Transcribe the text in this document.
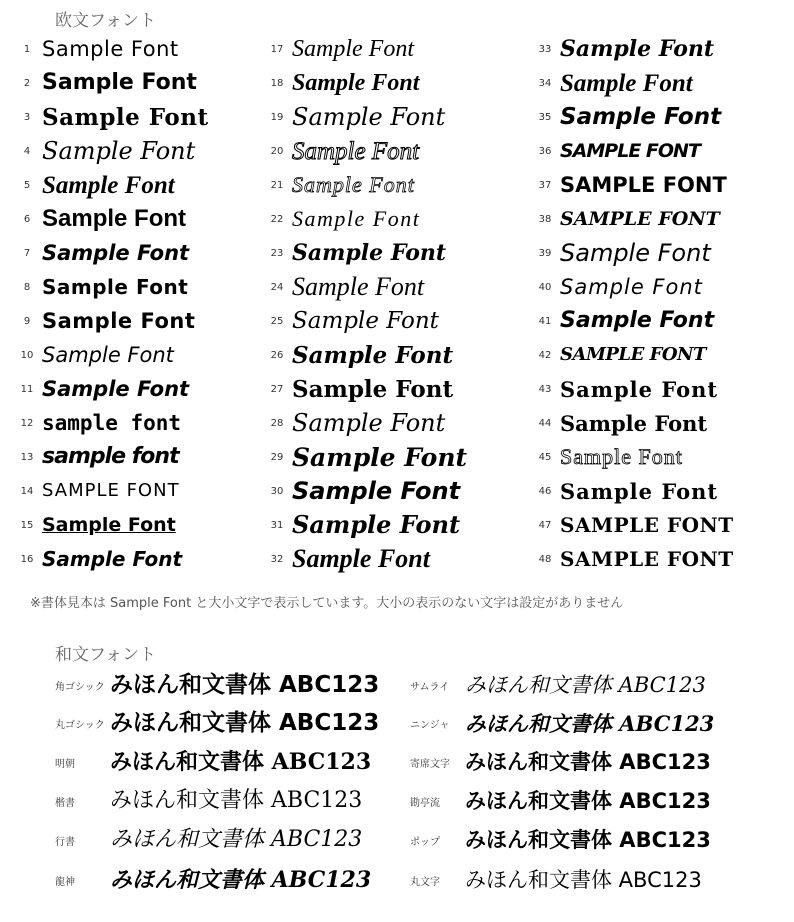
欧文フォント
1 Sample Font
2 Sample Font
3 Sample Font
4 Sample Font
5 Sample Font
6 Sample Font
7 Sample Font
8 Sample Font
9 Sample Font
10 Sample Font
11 Sample Font
12 sample font
13 sample font
14 SAMPLE FONT
15 Sample Font
16 Sample Font
17 Sample Font
18 Sample Font
19 Sample Font
20 Sample Font
21 Sample Font
22 Sample Font
23 Sample Font
24 Sample Font
25 Sample Font
26 Sample Font
27 Sample Font
28 Sample Font
29 Sample Font
30 Sample Font
31 Sample Font
32 Sample Font
33 Sample Font
34 Sample Font
35 Sample Font
36 SAMPLE FONT
37 SAMPLE FONT
38 SAMPLE FONT
39 Sample Font
40 Sample Font
41 Sample Font
42 SAMPLE FONT
43 Sample Font
44 Sample Font
45 Sample Font
46 Sample Font
47 SAMPLE FONT
48 SAMPLE FONT
※書体見本は Sample Font と大小文字で表示しています。大小の表示のない文字は設定がありません
和文フォント
角ゴシック みほん和文書体 ABC123
丸ゴシック みほん和文書体 ABC123
明朝	みほん和文書体 ABC123
楷書	みほん和文書体 ABC123
行書	みほん和文書体 ABC123
龍神	みほん和文書体 ABC123
サムライ みほん和文書体 ABC123
ニンジャ みほん和文書体 ABC123
寄席文字 みほん和文書体 ABC123
勘亭流	みほん和文書体 ABC123
ポップ	みほん和文書体 ABC123
丸文字	みほん和文書体 ABC123
